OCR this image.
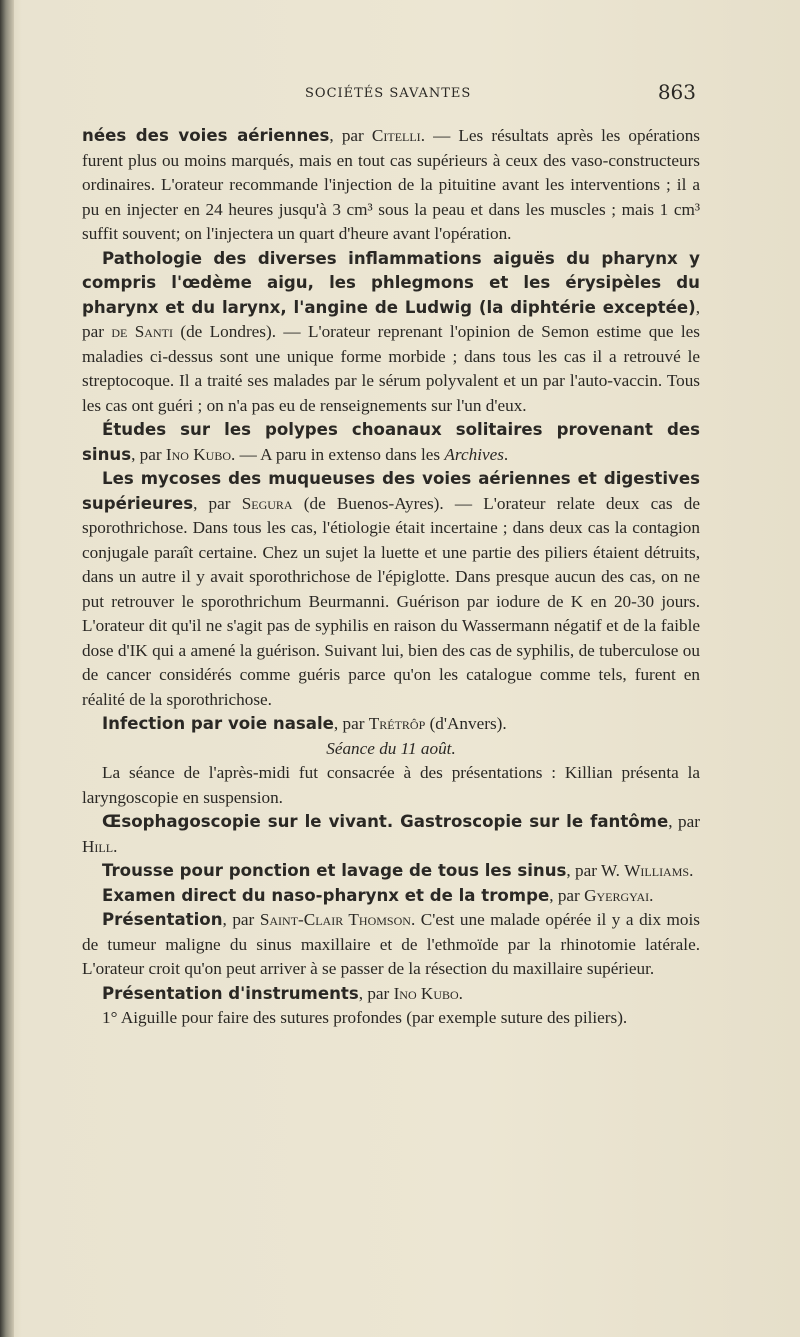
SOCIÉTÉS SAVANTES	863

nées des voies aériennes, par Citelli. — Les résultats après les opérations furent plus ou moins marqués, mais en tout cas supérieurs à ceux des vaso-constructeurs ordinaires. L'orateur recommande l'injection de la pituitine avant les interventions ; il a pu en injecter en 24 heures jusqu'à 3 cm³ sous la peau et dans les muscles ; mais 1 cm³ suffit souvent; on l'injectera un quart d'heure avant l'opération.

Pathologie des diverses inflammations aiguës du pharynx y compris l'œdème aigu, les phlegmons et les érysipèles du pharynx et du larynx, l'angine de Ludwig (la diphtérie exceptée), par de Santi (de Londres). — L'orateur reprenant l'opinion de Semon estime que les maladies ci-dessus sont une unique forme morbide ; dans tous les cas il a retrouvé le streptocoque. Il a traité ses malades par le sérum polyvalent et un par l'auto-vaccin. Tous les cas ont guéri ; on n'a pas eu de renseignements sur l'un d'eux.

Études sur les polypes choanaux solitaires provenant des sinus, par Ino Kubo. — A paru in extenso dans les Archives.

Les mycoses des muqueuses des voies aériennes et digestives supérieures, par Segura (de Buenos-Ayres). — L'orateur relate deux cas de sporothrichose. Dans tous les cas, l'étiologie était incertaine ; dans deux cas la contagion conjugale paraît certaine. Chez un sujet la luette et une partie des piliers étaient détruits, dans un autre il y avait sporothrichose de l'épiglotte. Dans presque aucun des cas, on ne put retrouver le sporothrichum Beurmanni. Guérison par iodure de K en 20-30 jours. L'orateur dit qu'il ne s'agit pas de syphilis en raison du Wassermann négatif et de la faible dose d'IK qui a amené la guérison. Suivant lui, bien des cas de syphilis, de tuberculose ou de cancer considérés comme guéris parce qu'on les catalogue comme tels, furent en réalité de la sporothrichose.

Infection par voie nasale, par Trétrôp (d'Anvers).

Séance du 11 août.

La séance de l'après-midi fut consacrée à des présentations : Killian présenta la laryngoscopie en suspension.

Œsophagoscopie sur le vivant. Gastroscopie sur le fantôme, par Hill.

Trousse pour ponction et lavage de tous les sinus, par W. Williams.

Examen direct du naso-pharynx et de la trompe, par Gyergyai.

Présentation, par Saint-Clair Thomson. C'est une malade opérée il y a dix mois de tumeur maligne du sinus maxillaire et de l'ethmoïde par la rhinotomie latérale. L'orateur croit qu'on peut arriver à se passer de la résection du maxillaire supérieur.

Présentation d'instruments, par Ino Kubo.

1° Aiguille pour faire des sutures profondes (par exemple suture des piliers).
